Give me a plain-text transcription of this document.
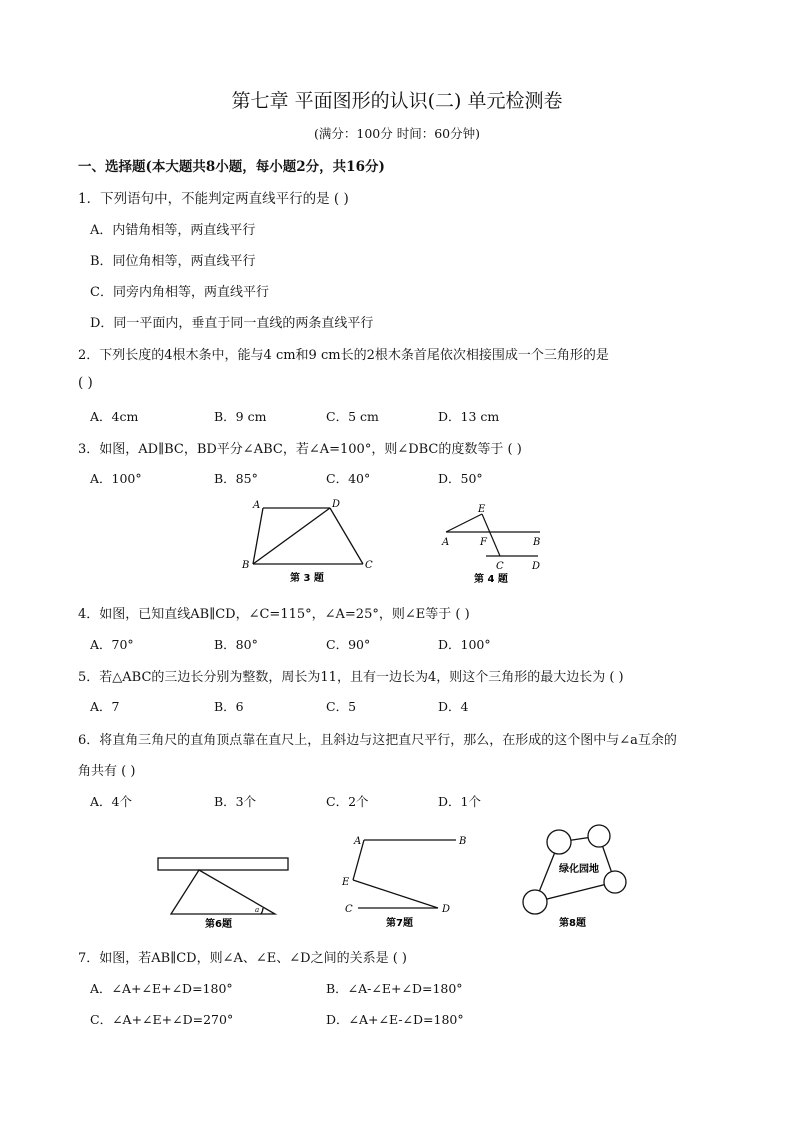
第七章 平面图形的认识(二) 单元检测卷
(满分：100分 时间：60分钟)
一、选择题(本大题共8小题，每小题2分，共16分)
1．下列语句中，不能判定两直线平行的是 ( )
A．内错角相等，两直线平行
B．同位角相等，两直线平行
C．同旁内角相等，两直线平行
D．同一平面内，垂直于同一直线的两条直线平行
2．下列长度的4根木条中，能与4 cm和9 cm长的2根木条首尾依次相接围成一个三角形的是
( )
A．4cm	B．9 cm	C．5 cm	D．13 cm
3．如图，AD∥BC，BD平分∠ABC，若∠A=100°，则∠DBC的度数等于 ( )
A．100°	B．85°	C．40°	D．50°
A	D
B	C
第 3 题
E
A	F	B
C	D
第 4 题
4．如图，已知直线AB∥CD，∠C=115°，∠A=25°，则∠E等于 ( )
A．70°	B．80°	C．90°	D．100°
5．若△ABC的三边长分别为整数，周长为11，且有一边长为4，则这个三角形的最大边长为 ( )
A．7	B．6	C．5	D．4
6．将直角三角尺的直角顶点靠在直尺上，且斜边与这把直尺平行，那么，在形成的这个图中与∠a互余的
角共有 ( )
A．4个	B．3个	C．2个	D．1个
a
第6题
A	B
E
C	D
第7题
绿化园地
第8题
7．如图，若AB∥CD，则∠A、∠E、∠D之间的关系是 ( )
A．∠A+∠E+∠D=180°	B．∠A-∠E+∠D=180°
C．∠A+∠E+∠D=270°	D．∠A+∠E-∠D=180°
